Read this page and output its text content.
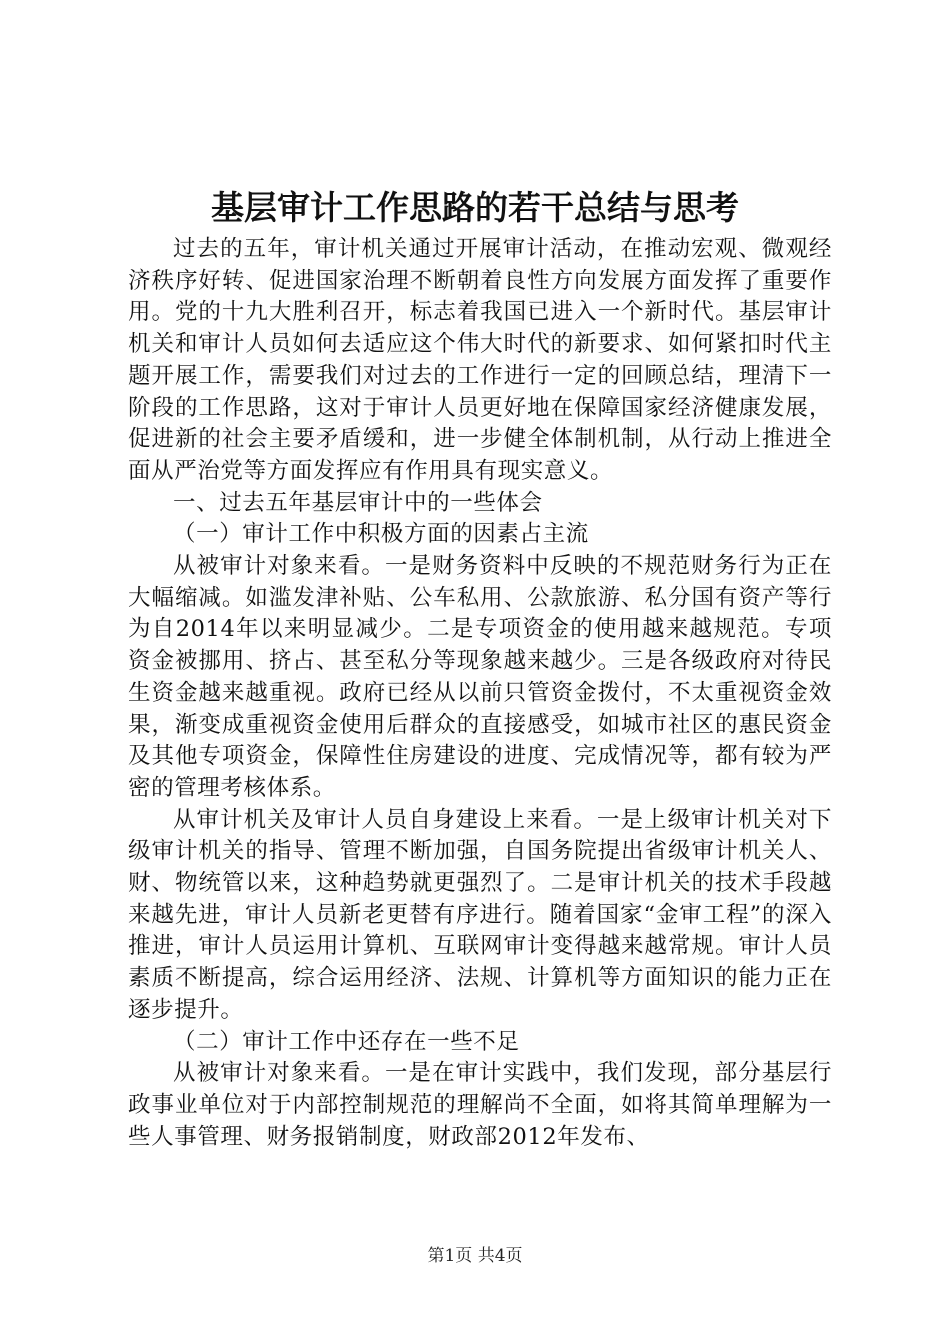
基层审计工作思路的若干总结与思考

过去的五年，审计机关通过开展审计活动，在推动宏观、微观经济秩序好转、促进国家治理不断朝着良性方向发展方面发挥了重要作用。党的十九大胜利召开，标志着我国已进入一个新时代。基层审计机关和审计人员如何去适应这个伟大时代的新要求、如何紧扣时代主题开展工作，需要我们对过去的工作进行一定的回顾总结，理清下一阶段的工作思路，这对于审计人员更好地在保障国家经济健康发展，促进新的社会主要矛盾缓和，进一步健全体制机制，从行动上推进全面从严治党等方面发挥应有作用具有现实意义。

一、过去五年基层审计中的一些体会

（一）审计工作中积极方面的因素占主流

从被审计对象来看。一是财务资料中反映的不规范财务行为正在大幅缩减。如滥发津补贴、公车私用、公款旅游、私分国有资产等行为自2014年以来明显减少。二是专项资金的使用越来越规范。专项资金被挪用、挤占、甚至私分等现象越来越少。三是各级政府对待民生资金越来越重视。政府已经从以前只管资金拨付，不太重视资金效果，渐变成重视资金使用后群众的直接感受，如城市社区的惠民资金及其他专项资金，保障性住房建设的进度、完成情况等，都有较为严密的管理考核体系。

从审计机关及审计人员自身建设上来看。一是上级审计机关对下级审计机关的指导、管理不断加强，自国务院提出省级审计机关人、财、物统管以来，这种趋势就更强烈了。二是审计机关的技术手段越来越先进，审计人员新老更替有序进行。随着国家“金审工程”的深入推进，审计人员运用计算机、互联网审计变得越来越常规。审计人员素质不断提高，综合运用经济、法规、计算机等方面知识的能力正在逐步提升。

（二）审计工作中还存在一些不足

从被审计对象来看。一是在审计实践中，我们发现，部分基层行政事业单位对于内部控制规范的理解尚不全面，如将其简单理解为一些人事管理、财务报销制度，财政部2012年发布、

第1页 共4页
